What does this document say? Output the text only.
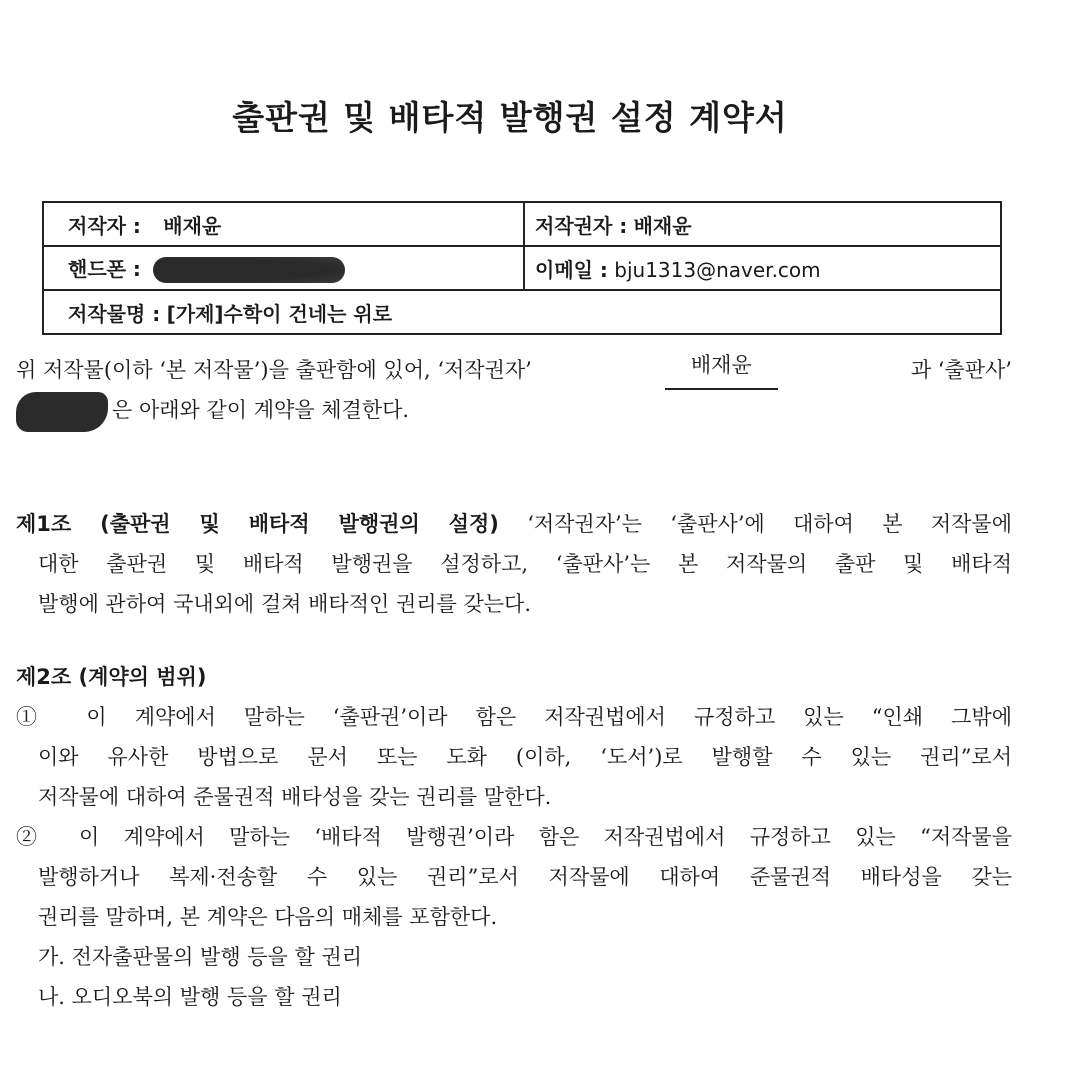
출판권 및 배타적 발행권 설정 계약서
저작자 : 배재윤	저작권자 : 배재윤
핸드폰 :	이메일 : bju1313@naver.com
저작물명 : [가제]수학이 건네는 위로	
위 저작물(이하 ‘본 저작물’)을 출판함에 있어, ‘저작권자’	배재윤	과 ‘출판사’
은 아래와 같이 계약을 체결한다.
제1조 (출판권 및 배타적 발행권의 설정) ‘저작권자’는 ‘출판사’에 대하여 본 저작물에
대한 출판권 및 배타적 발행권을 설정하고, ‘출판사’는 본 저작물의 출판 및 배타적
발행에 관하여 국내외에 걸쳐 배타적인 권리를 갖는다.
제2조 (계약의 범위)
① 이 계약에서 말하는 ‘출판권’이라 함은 저작권법에서 규정하고 있는 “인쇄 그밖에
이와 유사한 방법으로 문서 또는 도화 (이하, ‘도서’)로 발행할 수 있는 권리”로서
저작물에 대하여 준물권적 배타성을 갖는 권리를 말한다.
② 이 계약에서 말하는 ‘배타적 발행권’이라 함은 저작권법에서 규정하고 있는 “저작물을
발행하거나 복제·전송할 수 있는 권리”로서 저작물에 대하여 준물권적 배타성을 갖는
권리를 말하며, 본 계약은 다음의 매체를 포함한다.
가. 전자출판물의 발행 등을 할 권리
나. 오디오북의 발행 등을 할 권리
